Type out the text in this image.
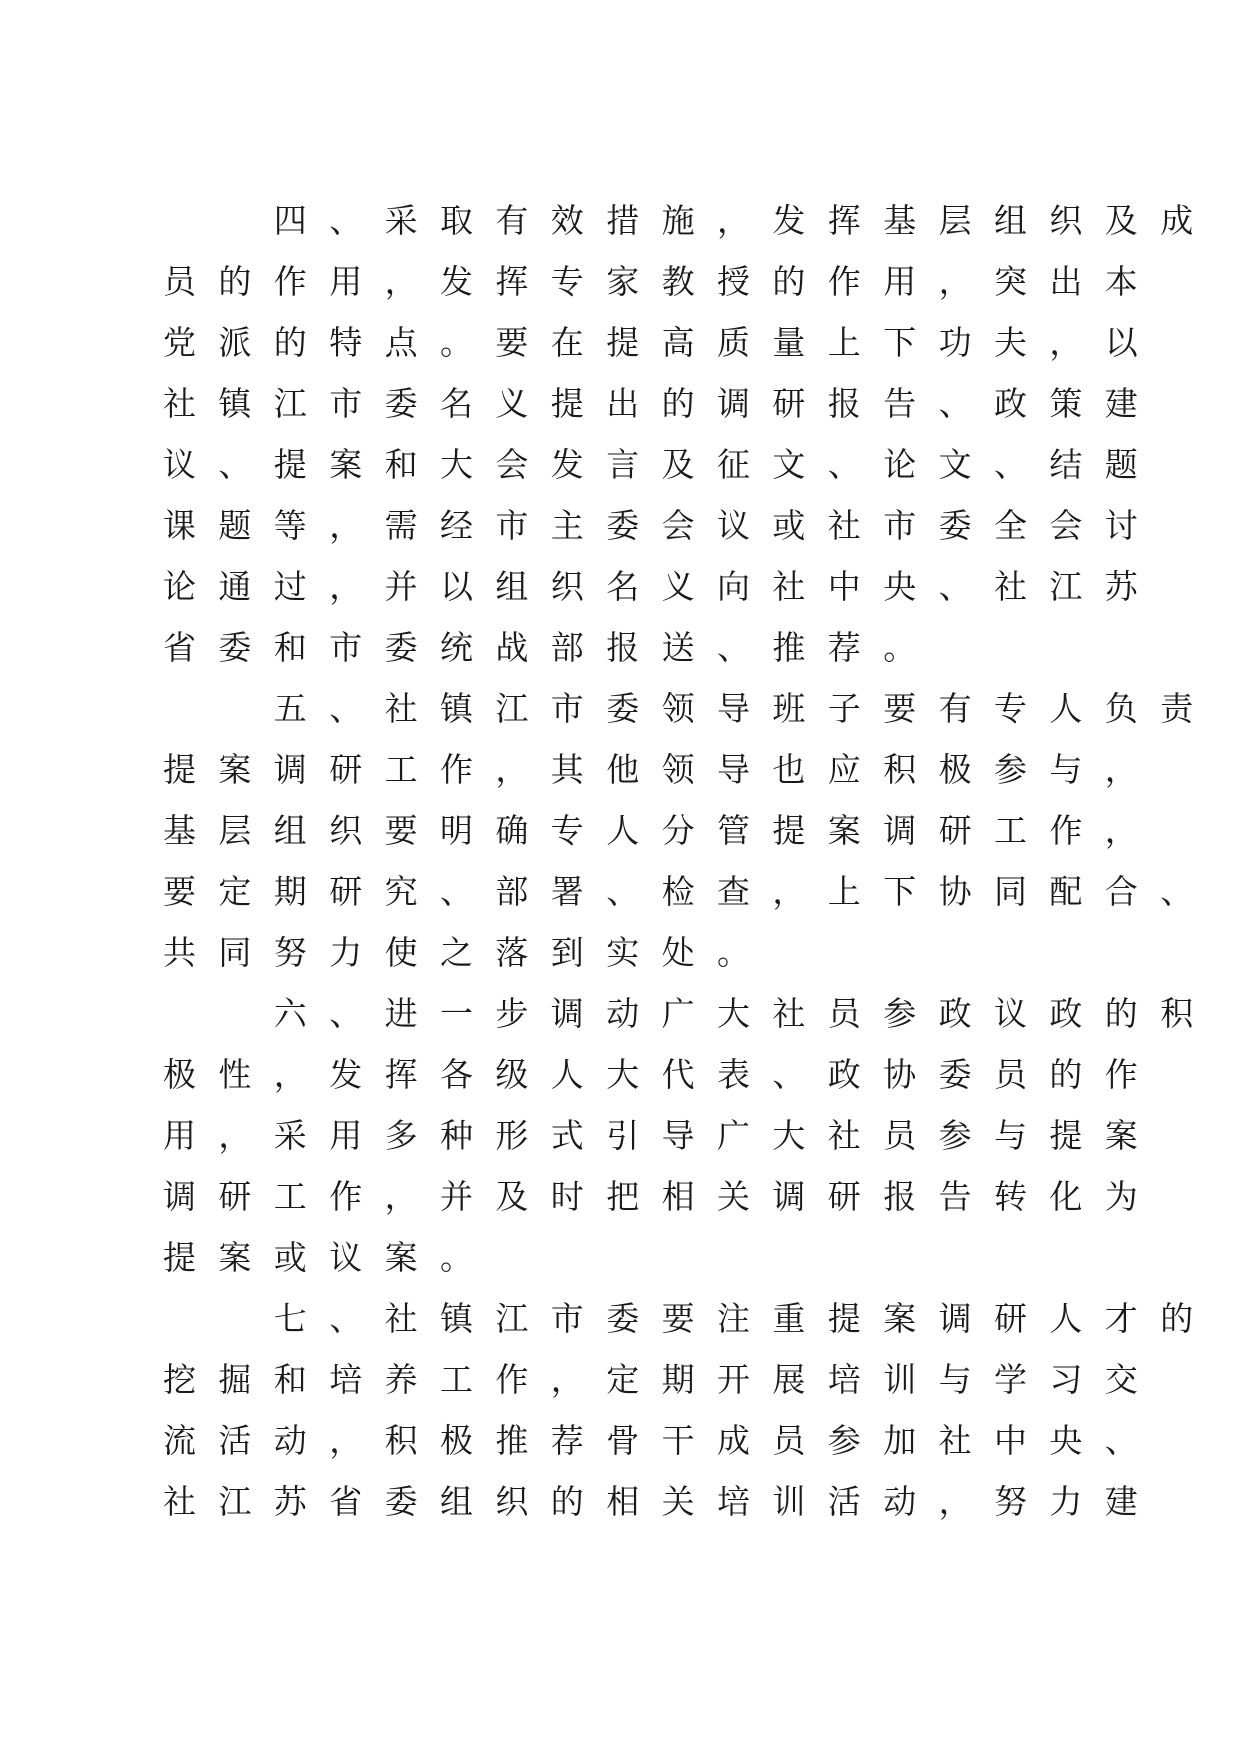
　　四、采取有效措施，发挥基层组织及成
员的作用，发挥专家教授的作用，突出本
党派的特点。要在提高质量上下功夫，以
社镇江市委名义提出的调研报告、政策建
议、提案和大会发言及征文、论文、结题
课题等，需经市主委会议或社市委全会讨
论通过，并以组织名义向社中央、社江苏
省委和市委统战部报送、推荐。
　　五、社镇江市委领导班子要有专人负责
提案调研工作，其他领导也应积极参与，
基层组织要明确专人分管提案调研工作，
要定期研究、部署、检查，上下协同配合、
共同努力使之落到实处。
　　六、进一步调动广大社员参政议政的积
极性，发挥各级人大代表、政协委员的作
用，采用多种形式引导广大社员参与提案
调研工作，并及时把相关调研报告转化为
提案或议案。
　　七、社镇江市委要注重提案调研人才的
挖掘和培养工作，定期开展培训与学习交
流活动，积极推荐骨干成员参加社中央、
社江苏省委组织的相关培训活动，努力建
